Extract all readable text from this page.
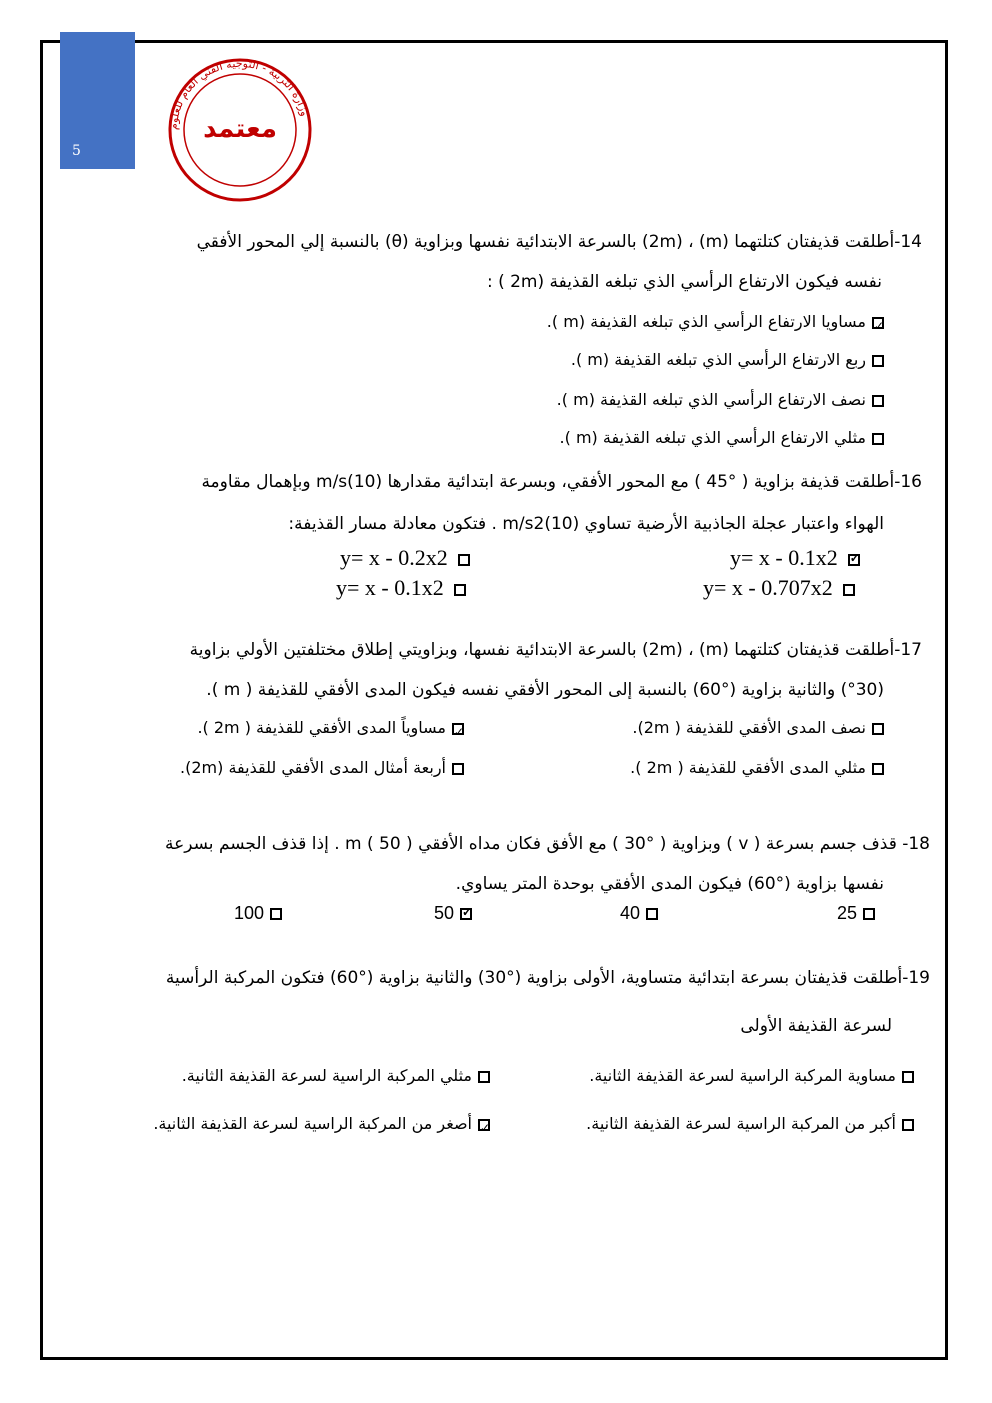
5
وزارة التربية - التوجيه الفني العام للعلوم
معتمد
14-أطلقت قذيفتان كتلتهما (m) ، (2m) بالسرعة الابتدائية نفسها وبزاوية (θ) بالنسبة إلي المحور الأفقي
نفسه فيكون الارتفاع الرأسي الذي تبلغه القذيفة (2m ) :
✓مساويا الارتفاع الرأسي الذي تبلغه القذيفة (m ).
ربع الارتفاع الرأسي الذي تبلغه القذيفة (m ).
نصف الارتفاع الرأسي الذي تبلغه القذيفة (m ).
مثلي الارتفاع الرأسي الذي تبلغه القذيفة (m ).
16-أطلقت قذيفة بزاوية ( °45 ) مع المحور الأفقي، وبسرعة ابتدائية مقدارها (10)m/s وبإهمال مقاومة
الهواء واعتبار عجلة الجاذبية الأرضية تساوي (10)m/s2 . فتكون معادلة مسار القذيفة:
y= x - 0.1x2✓
y= x - 0.2x2
y= x - 0.707x2
y= x - 0.1x2
17-أطلقت قذيفتان كتلتهما (m) ، (2m) بالسرعة الابتدائية نفسها، وبزاويتي إطلاق مختلفتين الأولي بزاوية
(°30) والثانية بزاوية (°60) بالنسبة إلى المحور الأفقي نفسه فيكون المدى الأفقي للقذيفة ( m ).
نصف المدى الأفقي للقذيفة ( 2m).
✓مساوياً المدى الأفقي للقذيفة ( 2m ).
مثلي المدى الأفقي للقذيفة ( 2m ).
أربعة أمثال المدى الأفقي للقذيفة (2m).
18- قذف جسم بسرعة ( v ) وبزاوية ( °30 ) مع الأفق فكان مداه الأفقي m ( 50 ) . إذا قذف الجسم بسرعة
نفسها بزاوية (°60) فيكون المدى الأفقي بوحدة المتر يساوي.
25
40
50✓
100
19-أطلقت قذيفتان بسرعة ابتدائية متساوية، الأولى بزاوية (°30) والثانية بزاوية (°60) فتكون المركبة الرأسية
لسرعة القذيفة الأولى
مساوية المركبة الراسية لسرعة القذيفة الثانية.
مثلي المركبة الراسية لسرعة القذيفة الثانية.
أكبر من المركبة الراسية لسرعة القذيفة الثانية.
✓أصغر من المركبة الراسية لسرعة القذيفة الثانية.
